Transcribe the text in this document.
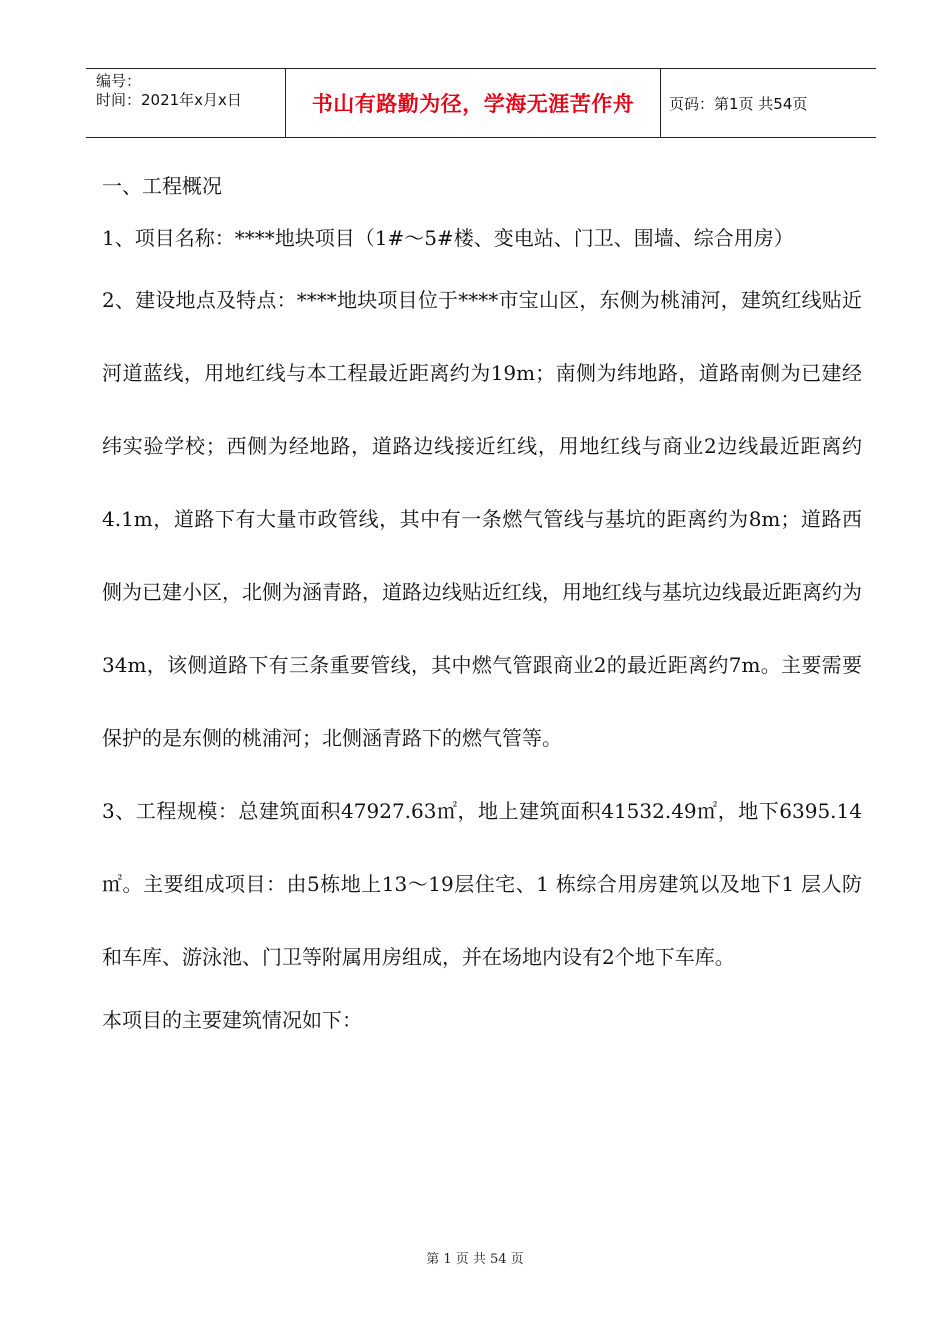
编号：
时间：2021年x月x日	书山有路勤为径，学海无涯苦作舟	页码：第1页 共54页

一、工程概况

1、项目名称：****地块项目（1#～5#楼、变电站、门卫、围墙、综合用房）

2、建设地点及特点：****地块项目位于****市宝山区，东侧为桃浦河，建筑红线贴近河道蓝线，用地红线与本工程最近距离约为19m；南侧为纬地路，道路南侧为已建经纬实验学校；西侧为经地路，道路边线接近红线，用地红线与商业2边线最近距离约4.1m，道路下有大量市政管线，其中有一条燃气管线与基坑的距离约为8m；道路西侧为已建小区，北侧为涵青路，道路边线贴近红线，用地红线与基坑边线最近距离约为34m，该侧道路下有三条重要管线，其中燃气管跟商业2的最近距离约7m。主要需要保护的是东侧的桃浦河；北侧涵青路下的燃气管等。

3、工程规模：总建筑面积47927.63㎡，地上建筑面积41532.49㎡，地下6395.14㎡。主要组成项目：由5栋地上13～19层住宅、1 栋综合用房建筑以及地下1 层人防和车库、游泳池、门卫等附属用房组成，并在场地内设有2个地下车库。

本项目的主要建筑情况如下：

第 1 页 共 54 页
